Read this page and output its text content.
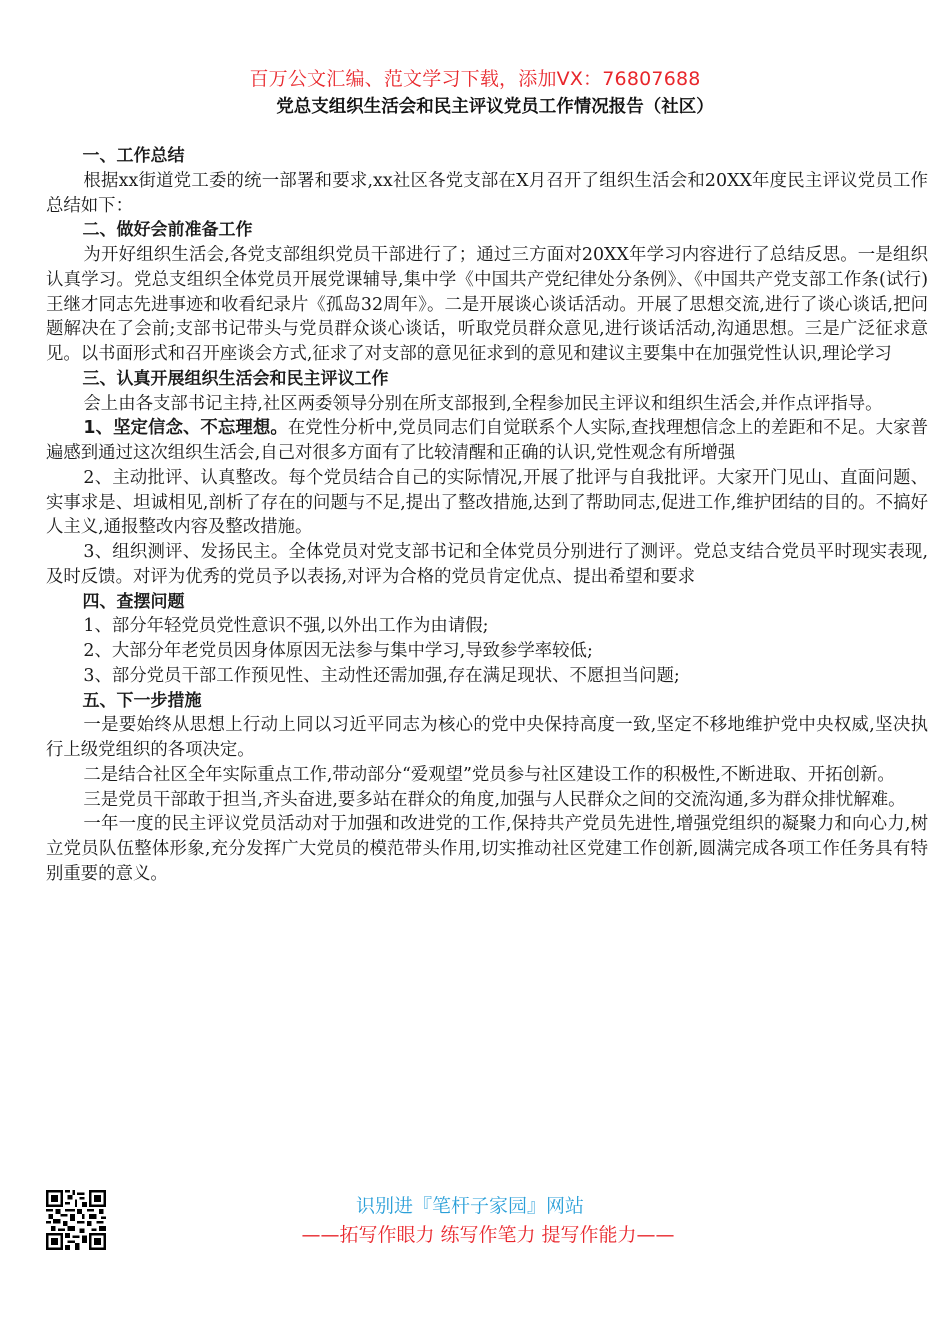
百万公文汇编、范文学习下载，添加VX：76807688
党总支组织生活会和民主评议党员工作情况报告（社区）
一、工作总结

根据xx街道党工委的统一部署和要求,xx社区各党支部在X月召开了组织生活会和20XX年度民主评议党员工作总结如下：

二、做好会前准备工作

为开好组织生活会,各党支部组织党员干部进行了；通过三方面对20XX年学习内容进行了总结反思。一是组织认真学习。党总支组织全体党员开展党课辅导,集中学《中国共产党纪律处分条例》、《中国共产党支部工作条(试行)王继才同志先进事迹和收看纪录片《孤岛32周年》。二是开展谈心谈话活动。开展了思想交流,进行了谈心谈话,把问题解决在了会前;支部书记带头与党员群众谈心谈话，听取党员群众意见,进行谈话活动,沟通思想。三是广泛征求意见。以书面形式和召开座谈会方式,征求了对支部的意见征求到的意见和建议主要集中在加强党性认识,理论学习

三、认真开展组织生活会和民主评议工作

会上由各支部书记主持,社区两委领导分别在所支部报到,全程参加民主评议和组织生活会,并作点评指导。

1、坚定信念、不忘理想。在党性分析中,党员同志们自觉联系个人实际,查找理想信念上的差距和不足。大家普遍感到通过这次组织生活会,自己对很多方面有了比较清醒和正确的认识,党性观念有所增强

2、主动批评、认真整改。每个党员结合自己的实际情况,开展了批评与自我批评。大家开门见山、直面问题、实事求是、坦诚相见,剖析了存在的问题与不足,提出了整改措施,达到了帮助同志,促进工作,维护团结的目的。不搞好人主义,通报整改内容及整改措施。

3、组织测评、发扬民主。全体党员对党支部书记和全体党员分别进行了测评。党总支结合党员平时现实表现,及时反馈。对评为优秀的党员予以表扬,对评为合格的党员肯定优点、提出希望和要求

四、查摆问题

1、部分年轻党员党性意识不强,以外出工作为由请假;

2、大部分年老党员因身体原因无法参与集中学习,导致参学率较低;

3、部分党员干部工作预见性、主动性还需加强,存在满足现状、不愿担当问题;

五、下一步措施

一是要始终从思想上行动上同以习近平同志为核心的党中央保持高度一致,坚定不移地维护党中央权威,坚决执行上级党组织的各项决定。

二是结合社区全年实际重点工作,带动部分“爱观望”党员参与社区建设工作的积极性,不断进取、开拓创新。

三是党员干部敢于担当,齐头奋进,要多站在群众的角度,加强与人民群众之间的交流沟通,多为群众排忧解难。

一年一度的民主评议党员活动对于加强和改进党的工作,保持共产党员先进性,增强党组织的凝聚力和向心力,树立党员队伍整体形象,充分发挥广大党员的模范带头作用,切实推动社区党建工作创新,圆满完成各项工作任务具有特别重要的意义。

识别进『笔杆子家园』网站
——拓写作眼力 练写作笔力 提写作能力——
